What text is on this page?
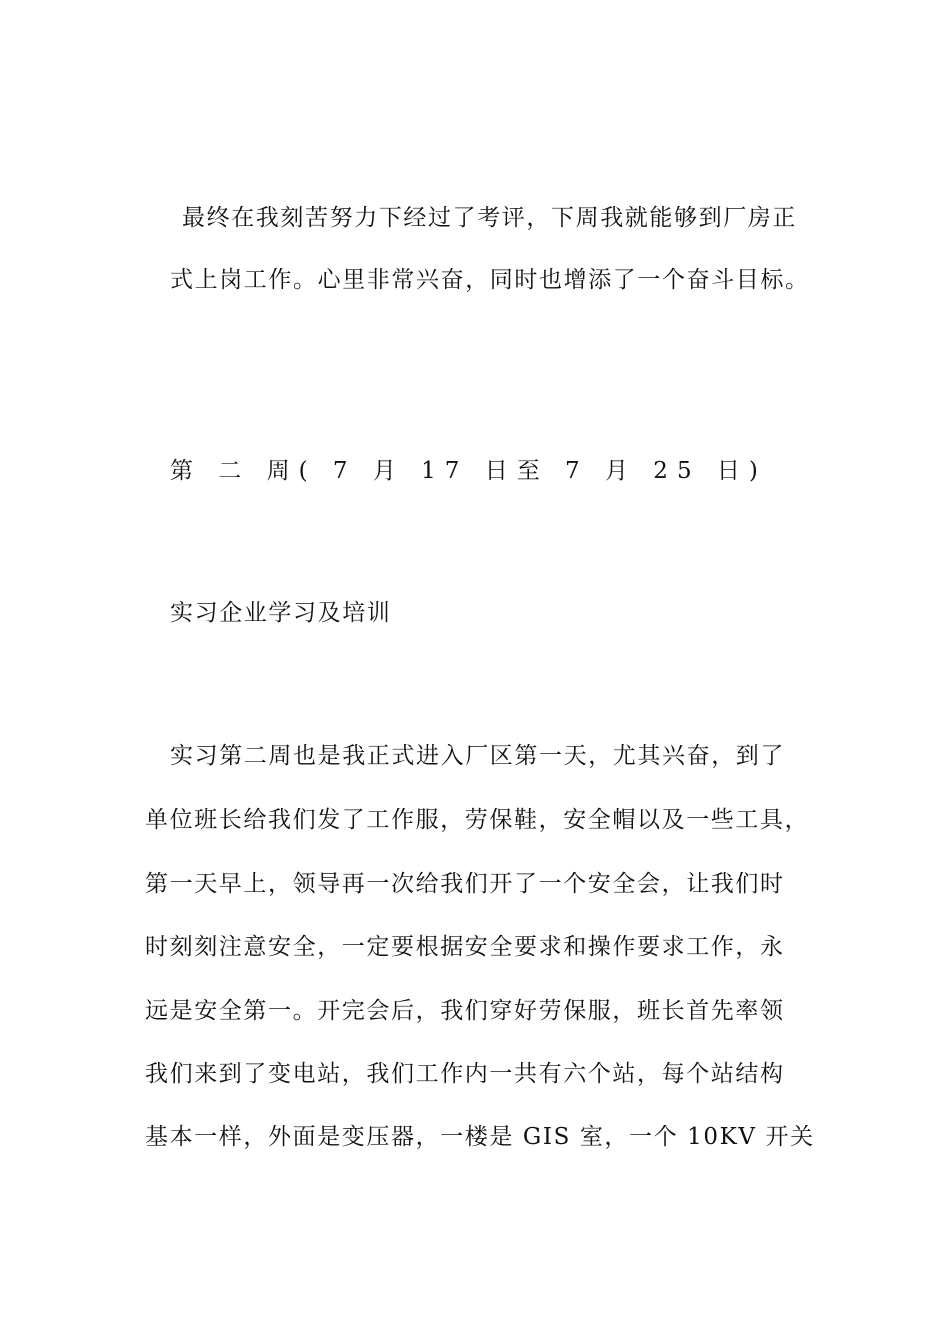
最终在我刻苦努力下经过了考评，下周我就能够到厂房正
式上岗工作。心里非常兴奋，同时也增添了一个奋斗目标。
第 二 周( 7 月 17 日至 7 月 25 日)
实习企业学习及培训
实习第二周也是我正式进入厂区第一天，尤其兴奋，到了
单位班长给我们发了工作服，劳保鞋，安全帽以及一些工具，
第一天早上，领导再一次给我们开了一个安全会，让我们时
时刻刻注意安全，一定要根据安全要求和操作要求工作，永
远是安全第一。开完会后，我们穿好劳保服，班长首先率领
我们来到了变电站，我们工作内一共有六个站，每个站结构
基本一样，外面是变压器，一楼是 GIS 室，一个 10KV 开关
